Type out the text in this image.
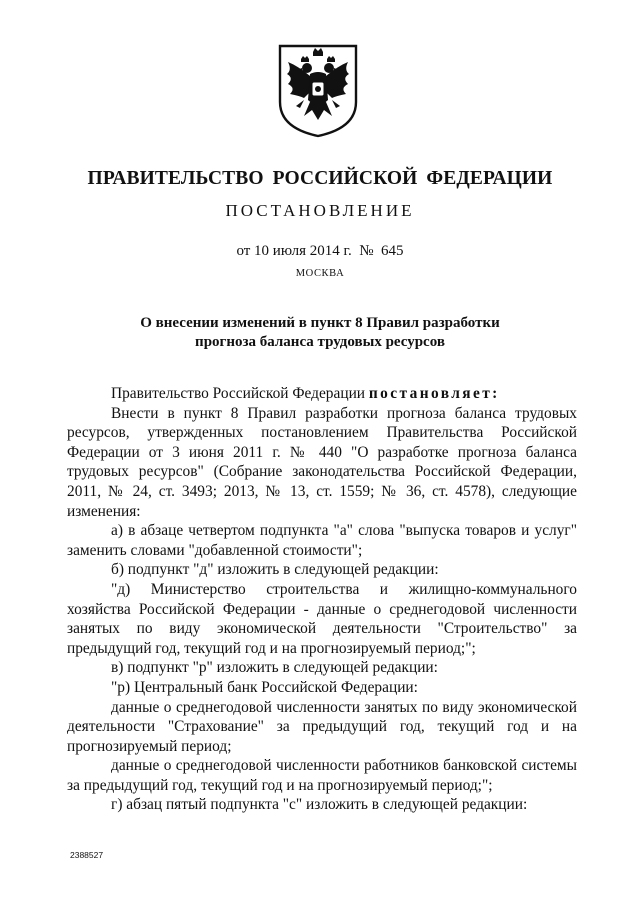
ПРАВИТЕЛЬСТВО РОССИЙСКОЙ ФЕДЕРАЦИИ
ПОСТАНОВЛЕНИЕ
от 10 июля 2014 г.  №  645
МОСКВА
О внесении изменений в пункт 8 Правил разработки
прогноза баланса трудовых ресурсов

Правительство Российской Федерации постановляет:

Внести в пункт 8 Правил разработки прогноза баланса трудовых ресурсов, утвержденных постановлением Правительства Российской Федерации от 3 июня 2011 г. № 440 "О разработке прогноза баланса трудовых ресурсов" (Собрание законодательства Российской Федерации, 2011, № 24, ст. 3493; 2013, № 13, ст. 1559; № 36, ст. 4578), следующие изменения:

а) в абзаце четвертом подпункта "а" слова "выпуска товаров и услуг" заменить словами "добавленной стоимости";

б) подпункт "д" изложить в следующей редакции:

"д) Министерство строительства и жилищно-коммунального хозяйства Российской Федерации - данные о среднегодовой численности занятых по виду экономической деятельности "Строительство" за предыдущий год, текущий год и на прогнозируемый период;";

в) подпункт "р" изложить в следующей редакции:

"р) Центральный банк Российской Федерации:

данные о среднегодовой численности занятых по виду экономической деятельности "Страхование" за предыдущий год, текущий год и на прогнозируемый период;

данные о среднегодовой численности работников банковской системы за предыдущий год, текущий год и на прогнозируемый период;";

г) абзац пятый подпункта "с" изложить в следующей редакции:

2388527
